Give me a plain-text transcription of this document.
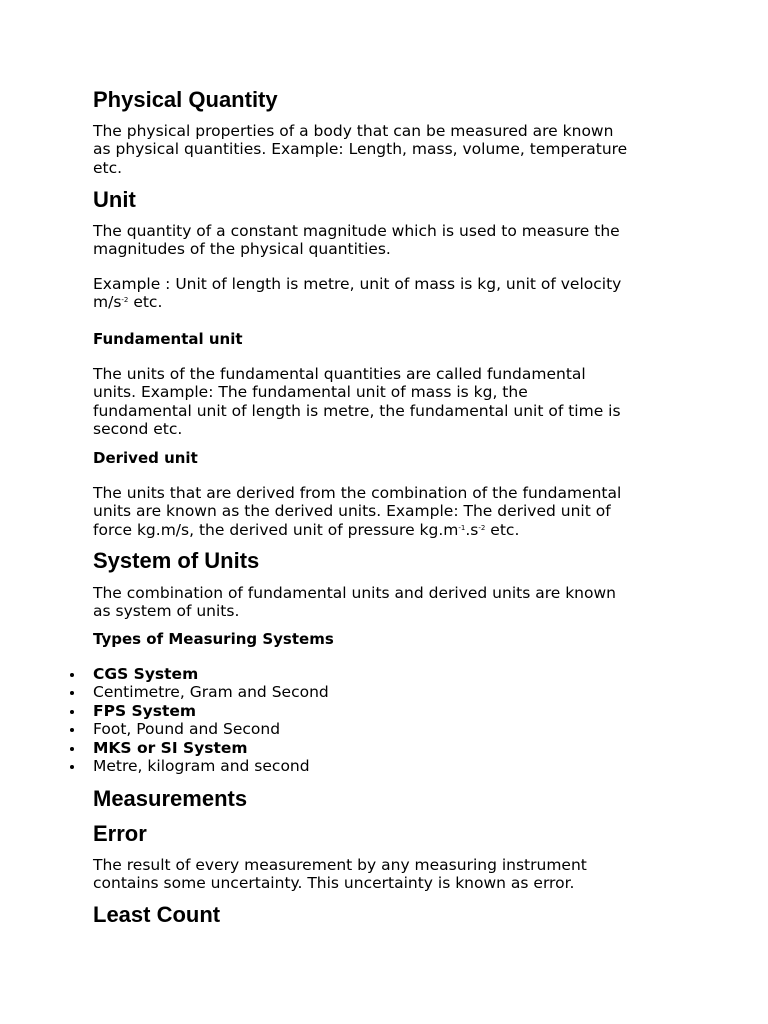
Physical Quantity
The physical properties of a body that can be measured are known
as physical quantities. Example: Length, mass, volume, temperature
etc.
Unit
The quantity of a constant magnitude which is used to measure the
magnitudes of the physical quantities.
Example : Unit of length is metre, unit of mass is kg, unit of velocity
$m/s^{-2}$ etc.
Fundamental unit
The units of the fundamental quantities are called fundamental
units. Example: The fundamental unit of mass is kg, the
fundamental unit of length is metre, the fundamental unit of time is
second etc.
Derived unit
The units that are derived from the combination of the fundamental
units are known as the derived units. Example: The derived unit of
force kg.m/s, the derived unit of pressure $kg.m^{-1}.s^{-2}$ etc.
System of Units
The combination of fundamental units and derived units are known
as system of units.
Types of Measuring Systems
CGS System
Centimetre, Gram and Second
FPS System
Foot, Pound and Second
MKS or SI System
Metre, kilogram and second
Measurements
Error
The result of every measurement by any measuring instrument
contains some uncertainty. This uncertainty is known as error.
Least Count
